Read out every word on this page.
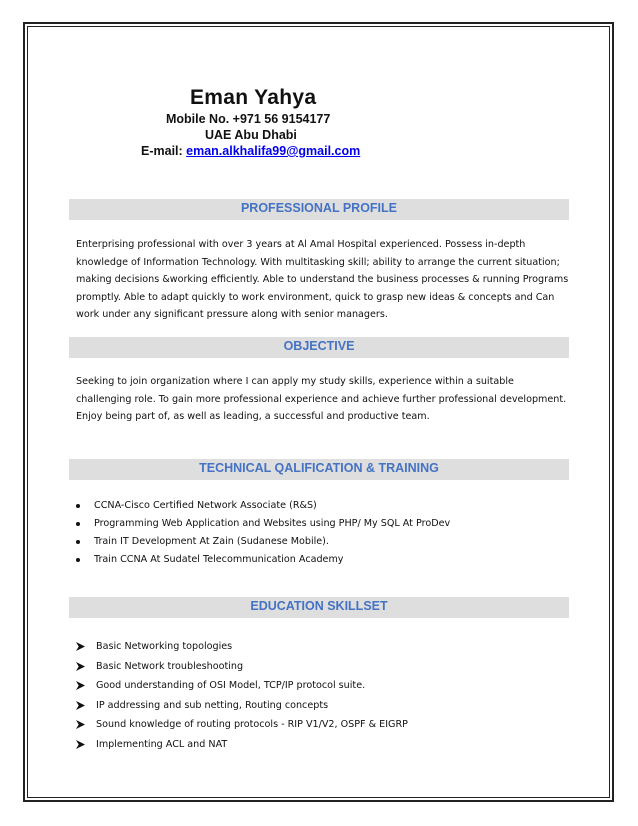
Eman Yahya
Mobile No. +971 56 9154177
UAE Abu Dhabi
E-mail: eman.alkhalifa99@gmail.com
PROFESSIONAL PROFILE
Enterprising professional with over 3 years at Al Amal Hospital experienced. Possess in-depth
knowledge of Information Technology. With multitasking skill; ability to arrange the current situation;
making decisions &working efficiently. Able to understand the business processes & running Programs
promptly. Able to adapt quickly to work environment, quick to grasp new ideas & concepts and Can
work under any significant pressure along with senior managers.
OBJECTIVE
Seeking to join organization where I can apply my study skills, experience within a suitable
challenging role. To gain more professional experience and achieve further professional development.
Enjoy being part of, as well as leading, a successful and productive team.
TECHNICAL QALIFICATION & TRAINING
CCNA-Cisco Certified Network Associate (R&S)
Programming Web Application and Websites using PHP/ My SQL At ProDev
Train IT Development At Zain (Sudanese Mobile).
Train CCNA At Sudatel Telecommunication Academy
EDUCATION SKILLSET
Basic Networking topologies
Basic Network troubleshooting
Good understanding of OSI Model, TCP/IP protocol suite.
IP addressing and sub netting, Routing concepts
Sound knowledge of routing protocols - RIP V1/V2, OSPF & EIGRP
Implementing ACL and NAT
